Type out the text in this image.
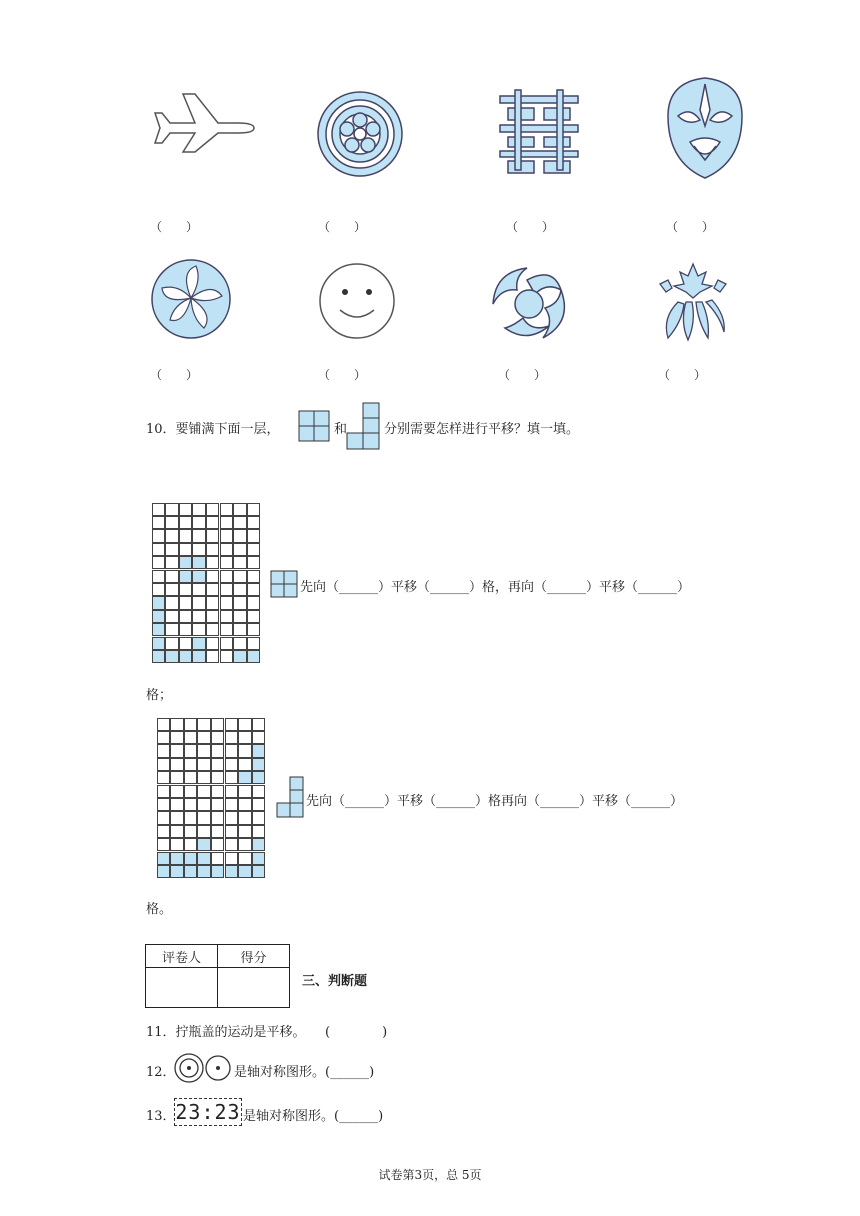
（　　）	（　　）	（　　）	（　　）
（　　）	（　　）	（　　）	（　　）
10．要铺满下面一层，	和	分别需要怎样进行平移？填一填。
先向（______）平移（______）格，再向（______）平移（______）
格；
先向（______）平移（______）格再向（______）平移（______）
格。
评卷人	得分

三、判断题
11．拧瓶盖的运动是平移。　　(　　　　)
12．	是轴对称图形。(______)
13． 23:23 是轴对称图形。(______)
试卷第3页，总 5页
